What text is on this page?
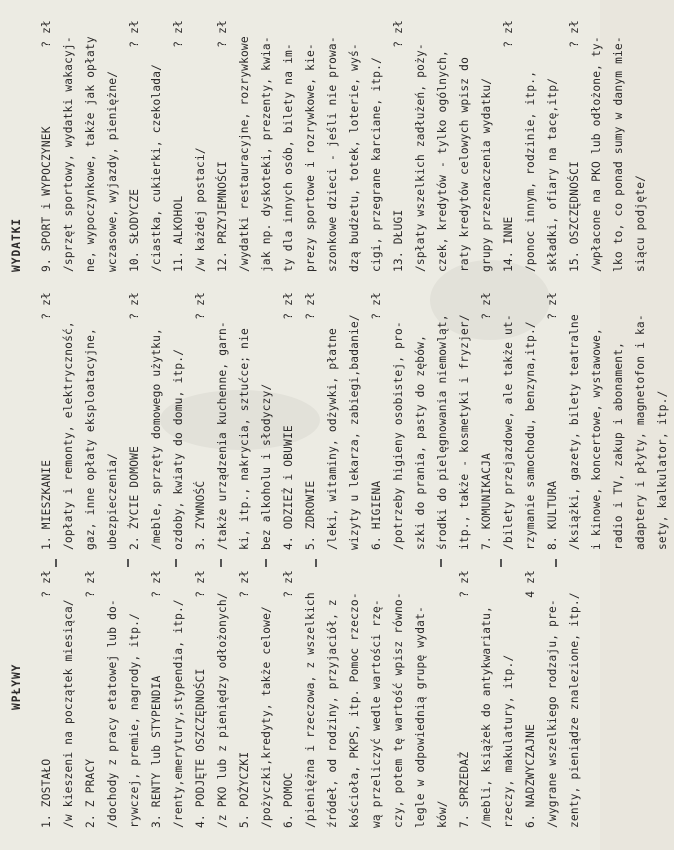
WPŁYWY
1. ZOSTAŁO
? zł
/w kieszeni na początek miesiąca/ 2. Z PRACY
? zł
/dochody z pracy etatowej lub do- rywczej, premie, nagrody, itp./ 3. RENTY lub STYPENDIA
? zł
/renty,emerytury,stypendia, itp./ 4. PODJĘTE OSZCZĘDNOŚCI
? zł
/z PKO lub z pieniędzy odłożonych/ 5. POŻYCZKI
? zł
/pożyczki,kredyty, także celowe/ 6. POMOC
? zł
/pieniężna i rzeczowa, z wszelkich źródeł, od rodziny, przyjaciół, z kościoła, PKPS, itp. Pomoc rzeczo- wą przeliczyć wedle wartości rzę- czy, potem tę wartość wpisz równo- legle w odpowiednią grupę wydat- ków/ 7. SPRZEDAŻ
? zł
/mebli, książek do antykwariatu, rzeczy, makulatury, itp./ 6. NADZWYCZAJNE
4 zł
/wygrane wszelkiego rodzaju, pre- zenty, pieniądze znalezione, itp./
1. MIESZKANIE
? zł
/opłaty i remonty, elektryczność, gaz, inne opłaty eksploatacyjne, ubezpieczenia/ 2. ŻYCIE DOMOWE
? zł
/meble, sprzęty domowego użytku, ozdoby, kwiaty do domu, itp./ 3. ZYWNOŚĆ
? zł
/także urządzenia kuchenne, garn- ki, itp., nakrycia, sztućce; nie bez alkoholu i słodyczy/ 4. ODZIEŻ i OBUWIE
? zł
5. ZDROWIE
? zł
/leki, witaminy, odżywki, płatne wizyty u lekarza, zabiegi,badanie/ 6. HIGIENA
? zł
/potrzeby higieny osobistej, pro- szki do prania, pasty do zębów, środki do pielęgnowania niemowląt, itp., także - kosmetyki i fryzjer/ 7. KOMUNIKACJA
? zł
/bilety przejazdowe, ale także ut- rzymanie samochodu, benzyna,itp./ 8. KULTURA
? zł
/książki, gazety, bilety teatralne i kinowe, koncertowe, wystawowe, radio i TV, zakup i abonament, adaptery i płyty, magnetofon i ka- sety, kalkulator, itp./
WYDATKI	9. SPORT i WYPOCZYNEK
? zł
/sprzęt sportowy, wydatki wakacyj- ne, wypoczynkowe, także jak opłaty wczasowe, wyjazdy, pieniężne/ 10. SŁODYCZE
? zł
/ciastka, cukierki, czekolada/ 11. ALKOHOL
? zł
/w każdej postaci/ 12. PRZYJEMNOŚCI
? zł
/wydatki restauracyjne, rozrywkowe jak np. dyskoteki, prezenty, kwia- ty dla innych osób, bilety na im- prezy sportowe i rozrywkowe, kie- szonkowe dzieci - jeśli nie prowa- dzą budżetu, totek, loterie, wyś- cigi, przegrane karciane, itp./ 13. DŁUGI
? zł
/spłaty wszelkich zadłużeń, poży- czek, kredytów - tylko ogólnych, raty kredytów celowych wpisz do grupy przeznaczenia wydatku/ 14. INNE
? zł
/ponoc innym, rodzinie, itp., składki, ofiary na tacę,itp/ 15. OSZCZĘDNOŚCI
? zł
/wpłacone na PKO lub odłożone, ty- lko to, co ponad sumy w danym mie- siącu podjęte/
